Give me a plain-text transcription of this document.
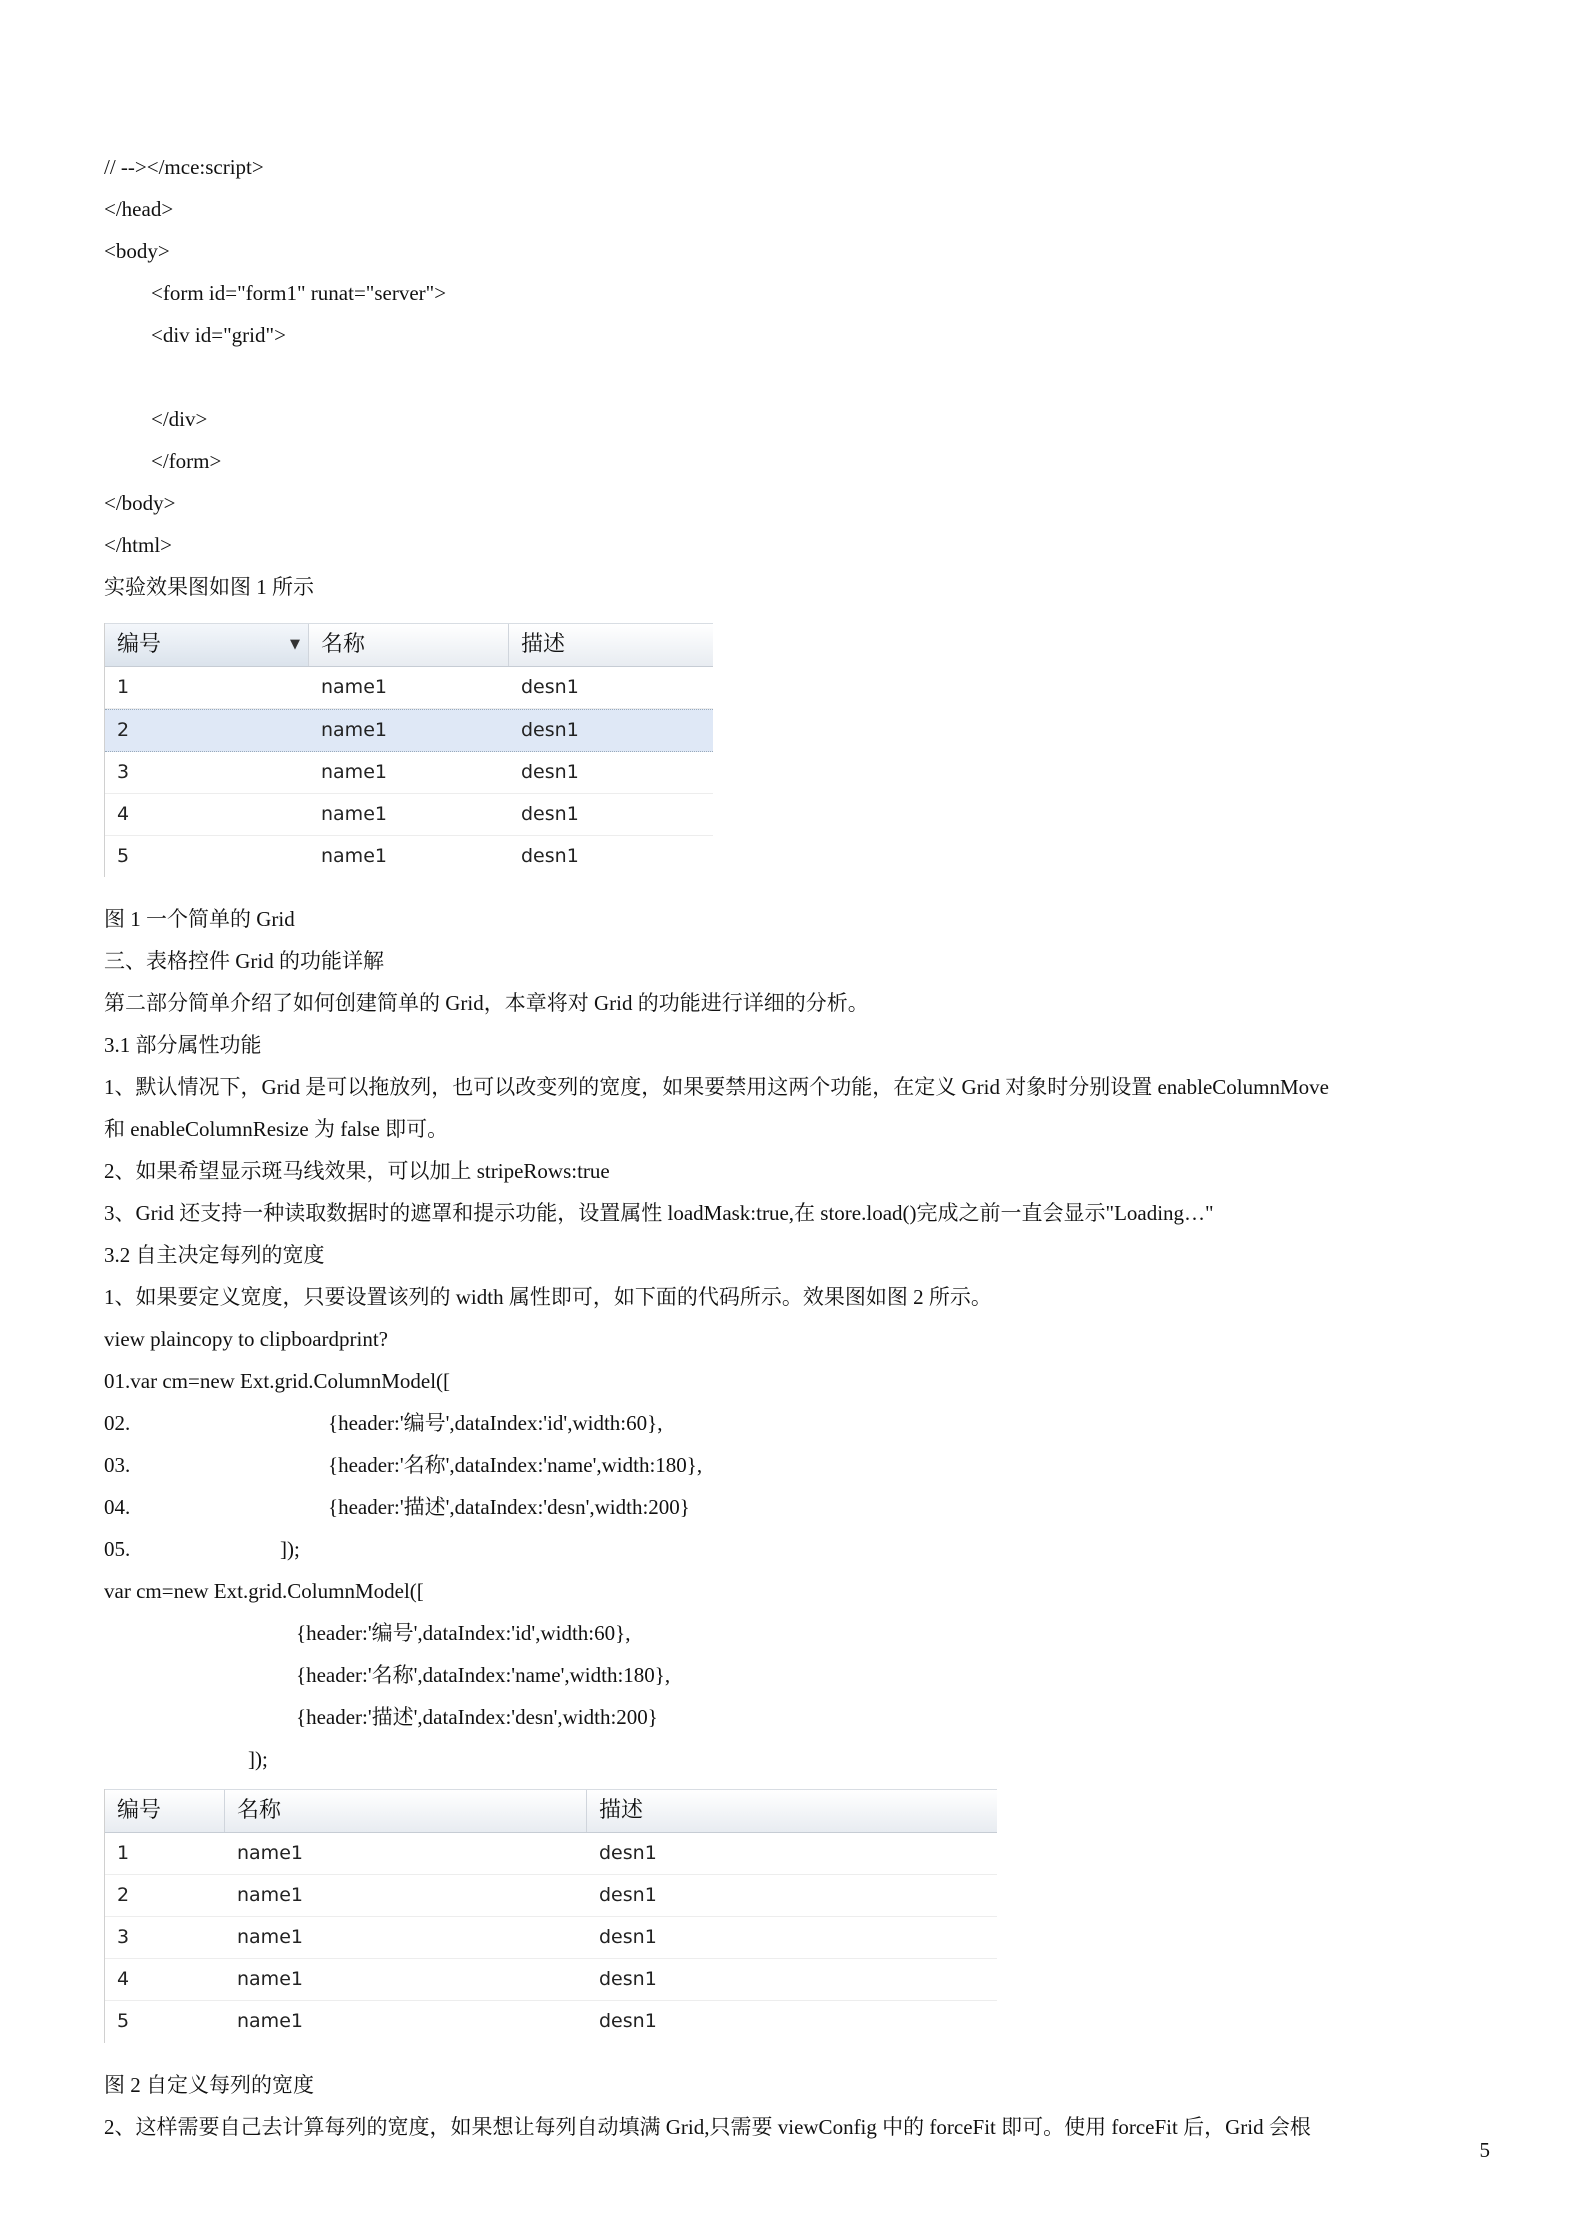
// --></mce:script>
</head>
<body>
<form id="form1" runat="server">
<div id="grid">
</div>
</form>
</body>
</html>
实验效果图如图 1 所示
编号	▼ 名称	描述
1	name1	desn1
2	name1	desn1
3	name1	desn1
4	name1	desn1
5	name1	desn1
图 1 一个简单的 Grid
三、表格控件 Grid 的功能详解
第二部分简单介绍了如何创建简单的 Grid，本章将对 Grid 的功能进行详细的分析。
3.1 部分属性功能
1、默认情况下，Grid 是可以拖放列，也可以改变列的宽度，如果要禁用这两个功能，在定义 Grid 对象时分别设置 enableColumnMove
和 enableColumnResize 为 false 即可。
2、如果希望显示斑马线效果，可以加上 stripeRows:true
3、Grid 还支持一种读取数据时的遮罩和提示功能，设置属性 loadMask:true,在 store.load()完成之前一直会显示"Loading…"
3.2 自主决定每列的宽度
1、如果要定义宽度，只要设置该列的 width 属性即可，如下面的代码所示。效果图如图 2 所示。
view plaincopy to clipboardprint?
01.var cm=new Ext.grid.ColumnModel([
02.	{header:'编号',dataIndex:'id',width:60},
03.	{header:'名称',dataIndex:'name',width:180},
04.	{header:'描述',dataIndex:'desn',width:200}
05.	]);
var cm=new Ext.grid.ColumnModel([
{header:'编号',dataIndex:'id',width:60},
{header:'名称',dataIndex:'name',width:180},
{header:'描述',dataIndex:'desn',width:200}
]);
编号	名称	描述
1	name1	desn1
2	name1	desn1
3	name1	desn1
4	name1	desn1
5	name1	desn1
图 2 自定义每列的宽度
2、这样需要自己去计算每列的宽度，如果想让每列自动填满 Grid,只需要 viewConfig 中的 forceFit 即可。使用 forceFit 后，Grid 会根
5
